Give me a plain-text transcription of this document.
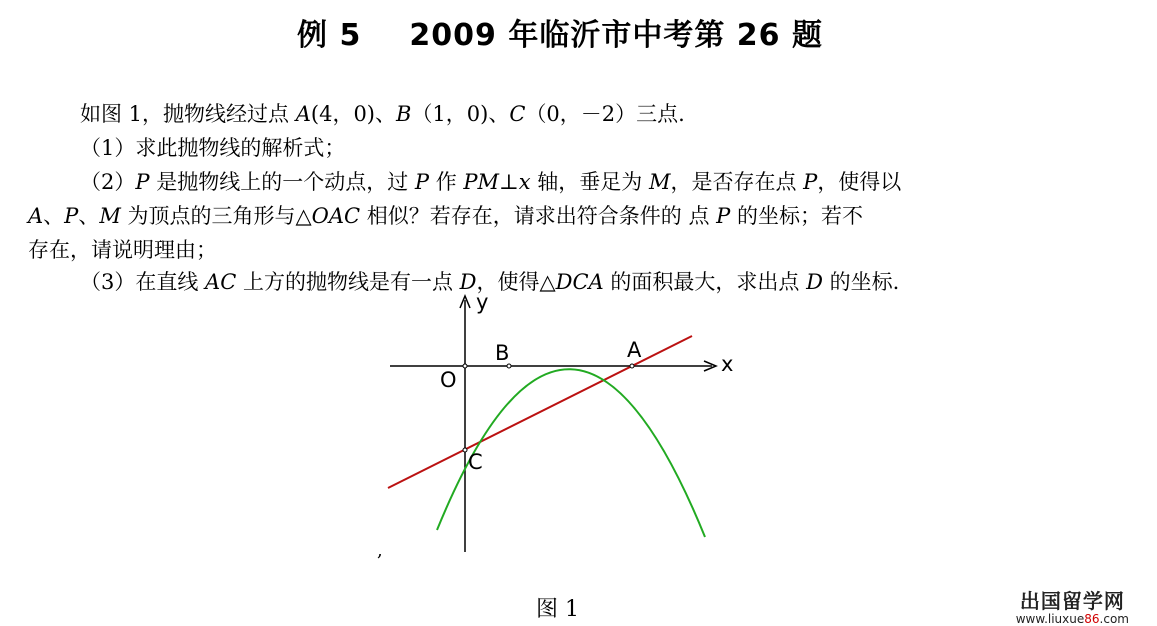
例 5 2009 年临沂市中考第 26 题
如图 1，抛物线经过点 A(4，0)、B（1，0)、C（0，－2）三点.
（1）求此抛物线的解析式；
（2）P 是抛物线上的一个动点，过 P 作 PM⊥x 轴，垂足为 M，是否存在点 P，使得以
A、P、M 为顶点的三角形与△OAC 相似？若存在，请求出符合条件的 点 P 的坐标；若不
存在，请说明理由；
（3）在直线 AC 上方的抛物线是有一点 D，使得△DCA 的面积最大，求出点 D 的坐标.
y
x
O
B	A
C
,
图 1	出国留学网
www.liuxue86.com
